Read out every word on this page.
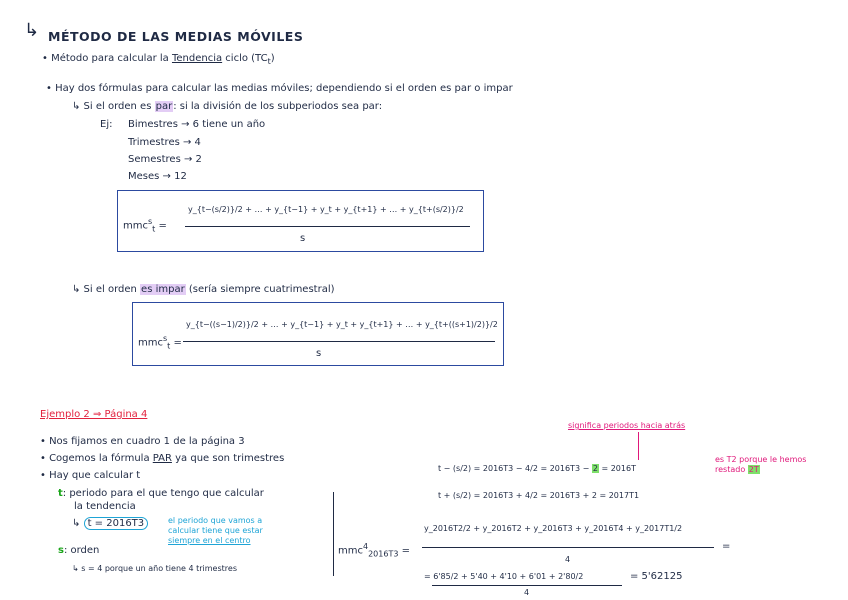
↳ MÉTODO DE LAS MEDIAS MÓVILES
• Método para calcular la Tendencia ciclo $(TC_t)$
• Hay dos fórmulas para calcular las medias móviles; dependiendo si el orden es par o impar
↳ Si el orden es par: si la división de los subperiodos sea par:
Ej: Bimestres → 6 tiene un año
Trimestres → 4
Semestres → 2
Meses → 12
mmc$^s_t$ =
y_{t−(s/2)}/2 + … + y_{t−1} + y_t + y_{t+1} + … + y_{t+(s/2)}/2
s
↳ Si el orden es impar (sería siempre cuatrimestral)
mmc$^s_t$ =
y_{t−((s−1)/2)}/2 + … + y_{t−1} + y_t + y_{t+1} + … + y_{t+((s+1)/2)}/2
s
Ejemplo 2 ⇒ Página 4
• Nos fijamos en cuadro 1 de la página 3
• Cogemos la fórmula PAR ya que son trimestres
• Hay que calcular t
t: periodo para el que tengo que calcular
la tendencia
↳ t = 2016T3	el periodo que vamos a
calcular tiene que estar
siempre en el centro
s: orden
↳ s = 4 porque un año tiene 4 trimestres
significa periodos hacia atrás
es T2 porque le hemos
restado 2T
t − (s/2) = 2016T3 − 4/2 = 2016T3 − 2 = 2016T
t + (s/2) = 2016T3 + 4/2 = 2016T3 + 2 = 2017T1
mmc$^4_{2016T3}$ =
y_2016T2/2 + y_2016T2 + y_2016T3 + y_2016T4 + y_2017T1/2
4
=
= 6'85/2 + 5'40 + 4'10 + 6'01 + 2'80/2
4
= 5'62125
